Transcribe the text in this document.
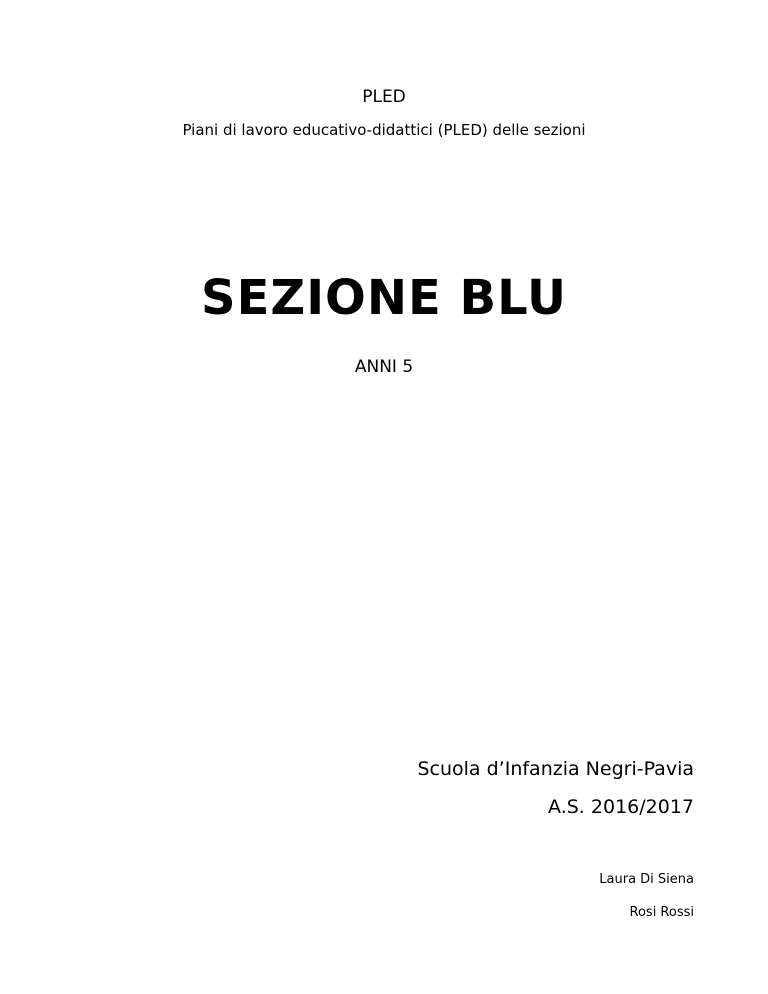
PLED
Piani di lavoro educativo-didattici (PLED) delle sezioni
SEZIONE BLU
ANNI 5
Scuola d’Infanzia Negri-Pavia
A.S. 2016/2017
Laura Di Siena
Rosi Rossi
